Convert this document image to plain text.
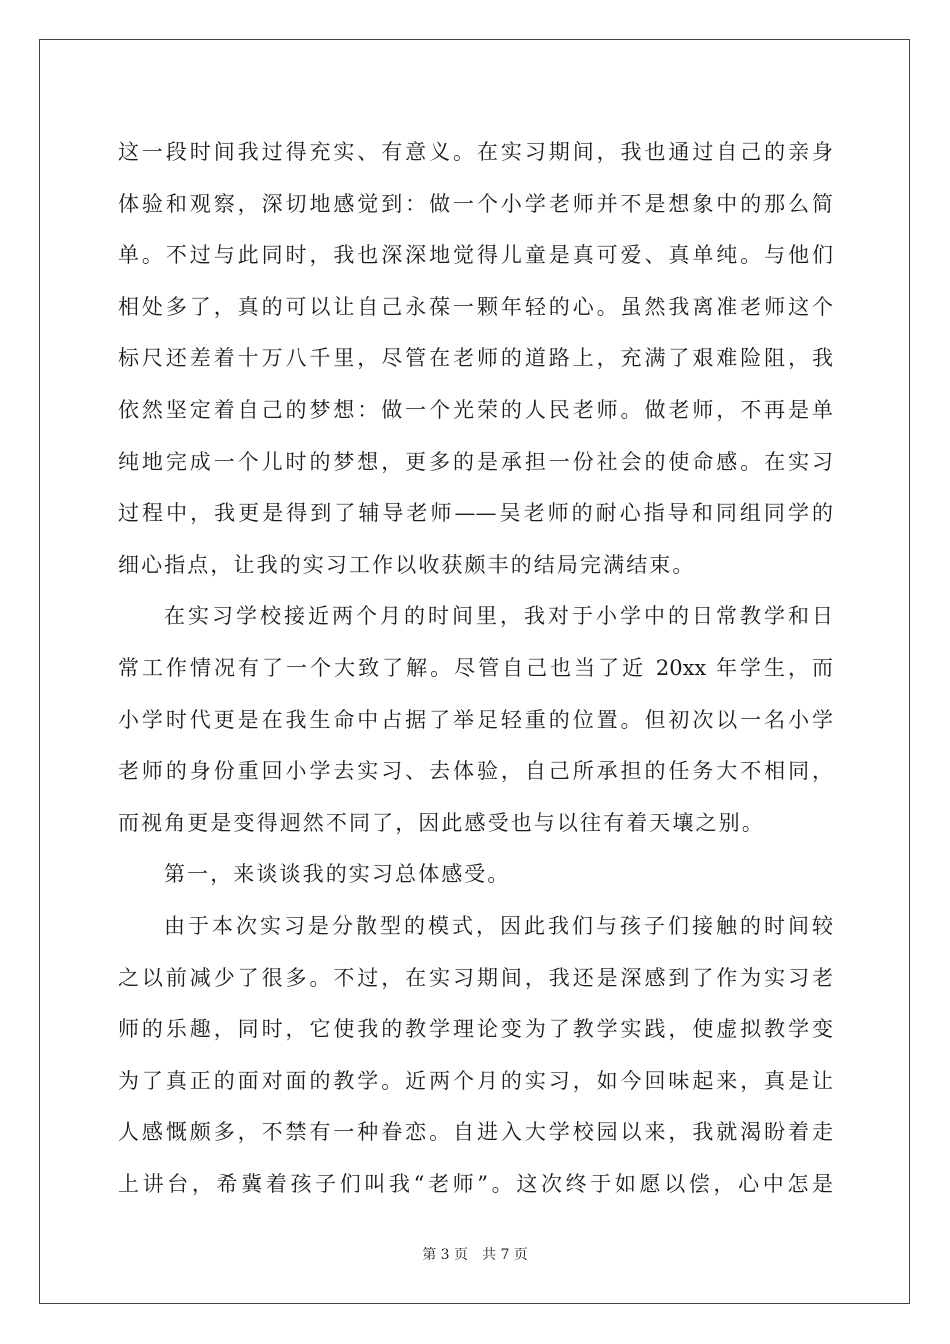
这一段时间我过得充实、有意义。在实习期间，我也通过自己的亲身
体验和观察，深切地感觉到：做一个小学老师并不是想象中的那么简
单。不过与此同时，我也深深地觉得儿童是真可爱、真单纯。与他们
相处多了，真的可以让自己永葆一颗年轻的心。虽然我离准老师这个
标尺还差着十万八千里，尽管在老师的道路上，充满了艰难险阻，我
依然坚定着自己的梦想：做一个光荣的人民老师。做老师，不再是单
纯地完成一个儿时的梦想，更多的是承担一份社会的使命感。在实习
过程中，我更是得到了辅导老师——吴老师的耐心指导和同组同学的
细心指点，让我的实习工作以收获颇丰的结局完满结束。
在实习学校接近两个月的时间里，我对于小学中的日常教学和日
常工作情况有了一个大致了解。尽管自己也当了近 20xx 年学生，而
小学时代更是在我生命中占据了举足轻重的位置。但初次以一名小学
老师的身份重回小学去实习、去体验，自己所承担的任务大不相同，
而视角更是变得迥然不同了，因此感受也与以往有着天壤之别。
第一，来谈谈我的实习总体感受。
由于本次实习是分散型的模式，因此我们与孩子们接触的时间较
之以前减少了很多。不过，在实习期间，我还是深感到了作为实习老
师的乐趣，同时，它使我的教学理论变为了教学实践，使虚拟教学变
为了真正的面对面的教学。近两个月的实习，如今回味起来，真是让
人感慨颇多，不禁有一种眷恋。自进入大学校园以来，我就渴盼着走
上讲台，希冀着孩子们叫我“老师”。这次终于如愿以偿，心中怎是
第 3 页 共 7 页
